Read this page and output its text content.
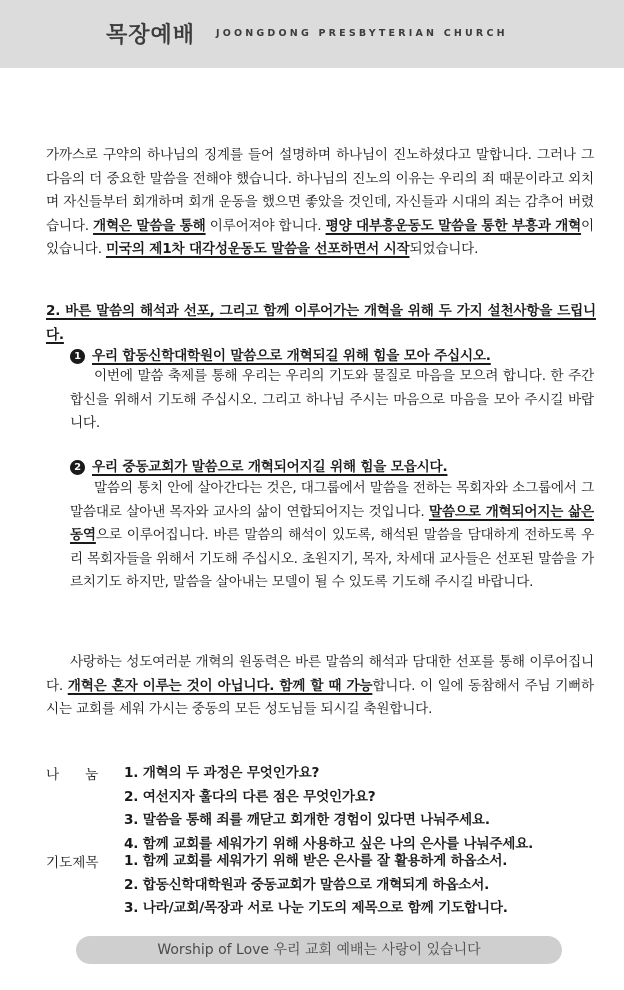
목장예배 JOONGDONG PRESBYTERIAN CHURCH
가까스로 구약의 하나님의 징계를 들어 설명하며 하나님이 진노하셨다고 말합니다. 그러나 그 다음의 더 중요한 말씀을 전해야 했습니다. 하나님의 진노의 이유는 우리의 죄 때문이라고 외치며 자신들부터 회개하며 회개 운동을 했으면 좋았을 것인데, 자신들과 시대의 죄는 감추어 버렸습니다. 개혁은 말씀을 통해 이루어져야 합니다. 평양 대부흥운동도 말씀을 통한 부흥과 개혁이 있습니다. 미국의 제1차 대각성운동도 말씀을 선포하면서 시작되었습니다.
2. 바른 말씀의 해석과 선포, 그리고 함께 이루어가는 개혁을 위해 두 가지 설천사항을 드립니다.
1 우리 합동신학대학원이 말씀으로 개혁되길 위해 힘을 모아 주십시오.
이번에 말씀 축제를 통해 우리는 우리의 기도와 물질로 마음을 모으려 합니다. 한 주간 합신을 위해서 기도해 주십시오. 그리고 하나님 주시는 마음으로 마음을 모아 주시길 바랍니다.
2 우리 중동교회가 말씀으로 개혁되어지길 위해 힘을 모읍시다.
말씀의 통치 안에 살아간다는 것은, 대그룹에서 말씀을 전하는 목회자와 소그룹에서 그 말씀대로 살아낸 목자와 교사의 삶이 연합되어지는 것입니다. 말씀으로 개혁되어지는 삶은 동역으로 이루어집니다. 바른 말씀의 해석이 있도록, 해석된 말씀을 담대하게 전하도록 우리 목회자들을 위해서 기도해 주십시오. 초원지기, 목자, 차세대 교사들은 선포된 말씀을 가르치기도 하지만, 말씀을 살아내는 모델이 될 수 있도록 기도해 주시길 바랍니다.
사랑하는 성도여러분 개혁의 원동력은 바른 말씀의 해석과 담대한 선포를 통해 이루어집니다. 개혁은 혼자 이루는 것이 아닙니다. 함께 할 때 가능합니다. 이 일에 동참해서 주님 기뻐하시는 교회를 세워 가시는 중동의 모든 성도님들 되시길 축원합니다.
나눔 1. 개혁의 두 과정은 무엇인가요?
2. 여선지자 훌다의 다른 점은 무엇인가요?
3. 말씀을 통해 죄를 깨닫고 회개한 경험이 있다면 나눠주세요.
4. 함께 교회를 세워가기 위해 사용하고 싶은 나의 은사를 나눠주세요.
기도제목 1. 함께 교회를 세워가기 위해 받은 은사를 잘 활용하게 하옵소서.
2. 합동신학대학원과 중동교회가 말씀으로 개혁되게 하옵소서.
3. 나라/교회/목장과 서로 나눈 기도의 제목으로 함께 기도합니다.
Worship of Love 우리 교회 예배는 사랑이 있습니다
